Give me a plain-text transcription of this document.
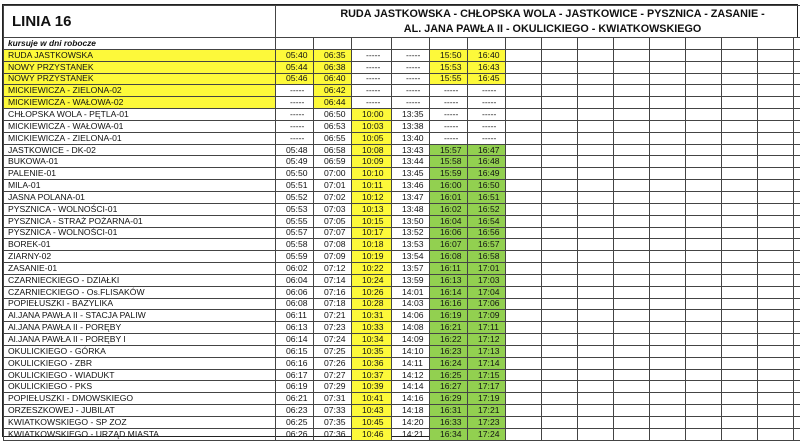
LINIA 16	RUDA JASTKOWSKA - CHŁOPSKA WOLA - JASTKOWICE - PYSZNICA - ZASANIE -
AL. JANA PAWŁA II - OKULICKIEGO - KWIATKOWSKIEGO														
kursuje w dni robocze															
RUDA JASTKOWSKA	05:40	06:35	-----	-----	15:50	16:40									
NOWY PRZYSTANEK	05:44	06:38	-----	-----	15:53	16:43									
NOWY PRZYSTANEK	05:46	06:40	-----	-----	15:55	16:45									
MICKIEWICZA - ZIELONA-02	-----	06:42	-----	-----	-----	-----									
MICKIEWICZA - WAŁOWA-02	-----	06:44	-----	-----	-----	-----									
CHŁOPSKA WOLA - PĘTLA-01	-----	06:50	10:00	13:35	-----	-----									
MICKIEWICZA - WAŁOWA-01	-----	06:53	10:03	13:38	-----	-----									
MICKIEWICZA - ZIELONA-01	-----	06:55	10:05	13:40	-----	-----									
JASTKOWICE - DK-02	05:48	06:58	10:08	13:43	15:57	16:47									
BUKOWA-01	05:49	06:59	10:09	13:44	15:58	16:48									
PALENIE-01	05:50	07:00	10:10	13:45	15:59	16:49									
MILA-01	05:51	07:01	10:11	13:46	16:00	16:50									
JASNA POLANA-01	05:52	07:02	10:12	13:47	16:01	16:51									
PYSZNICA - WOLNOŚCI-01	05:53	07:03	10:13	13:48	16:02	16:52									
PYSZNICA - STRAŻ POŻARNA-01	05:55	07:05	10:15	13:50	16:04	16:54									
PYSZNICA - WOLNOŚCI-01	05:57	07:07	10:17	13:52	16:06	16:56									
BOREK-01	05:58	07:08	10:18	13:53	16:07	16:57									
ZIARNY-02	05:59	07:09	10:19	13:54	16:08	16:58									
ZASANIE-01	06:02	07:12	10:22	13:57	16:11	17:01									
CZARNIECKIEGO - DZIAŁKI	06:04	07:14	10:24	13:59	16:13	17:03									
CZARNIECKIEGO - Os.FLISAKÓW	06:06	07:16	10:26	14:01	16:14	17:04									
POPIEŁUSZKI - BAZYLIKA	06:08	07:18	10:28	14:03	16:16	17:06									
Al.JANA PAWŁA II - STACJA PALIW	06:11	07:21	10:31	14:06	16:19	17:09									
Al.JANA PAWŁA II - PORĘBY	06:13	07:23	10:33	14:08	16:21	17:11									
Al.JANA PAWŁA II - PORĘBY I	06:14	07:24	10:34	14:09	16:22	17:12									
OKULICKIEGO - GÓRKA	06:15	07:25	10:35	14:10	16:23	17:13									
OKULICKIEGO - ZBR	06:16	07:26	10:36	14:11	16:24	17:14									
OKULICKIEGO - WIADUKT	06:17	07:27	10:37	14:12	16:25	17:15									
OKULICKIEGO - PKS	06:19	07:29	10:39	14:14	16:27	17:17									
POPIEŁUSZKI - DMOWSKIEGO	06:21	07:31	10:41	14:16	16:29	17:19									
ORZESZKOWEJ - JUBILAT	06:23	07:33	10:43	14:18	16:31	17:21									
KWIATKOWSKIEGO - SP ZOZ	06:25	07:35	10:45	14:20	16:33	17:23									
KWIATKOWSKIEGO - URZĄD MIASTA	06:26	07:36	10:46	14:21	16:34	17:24									
